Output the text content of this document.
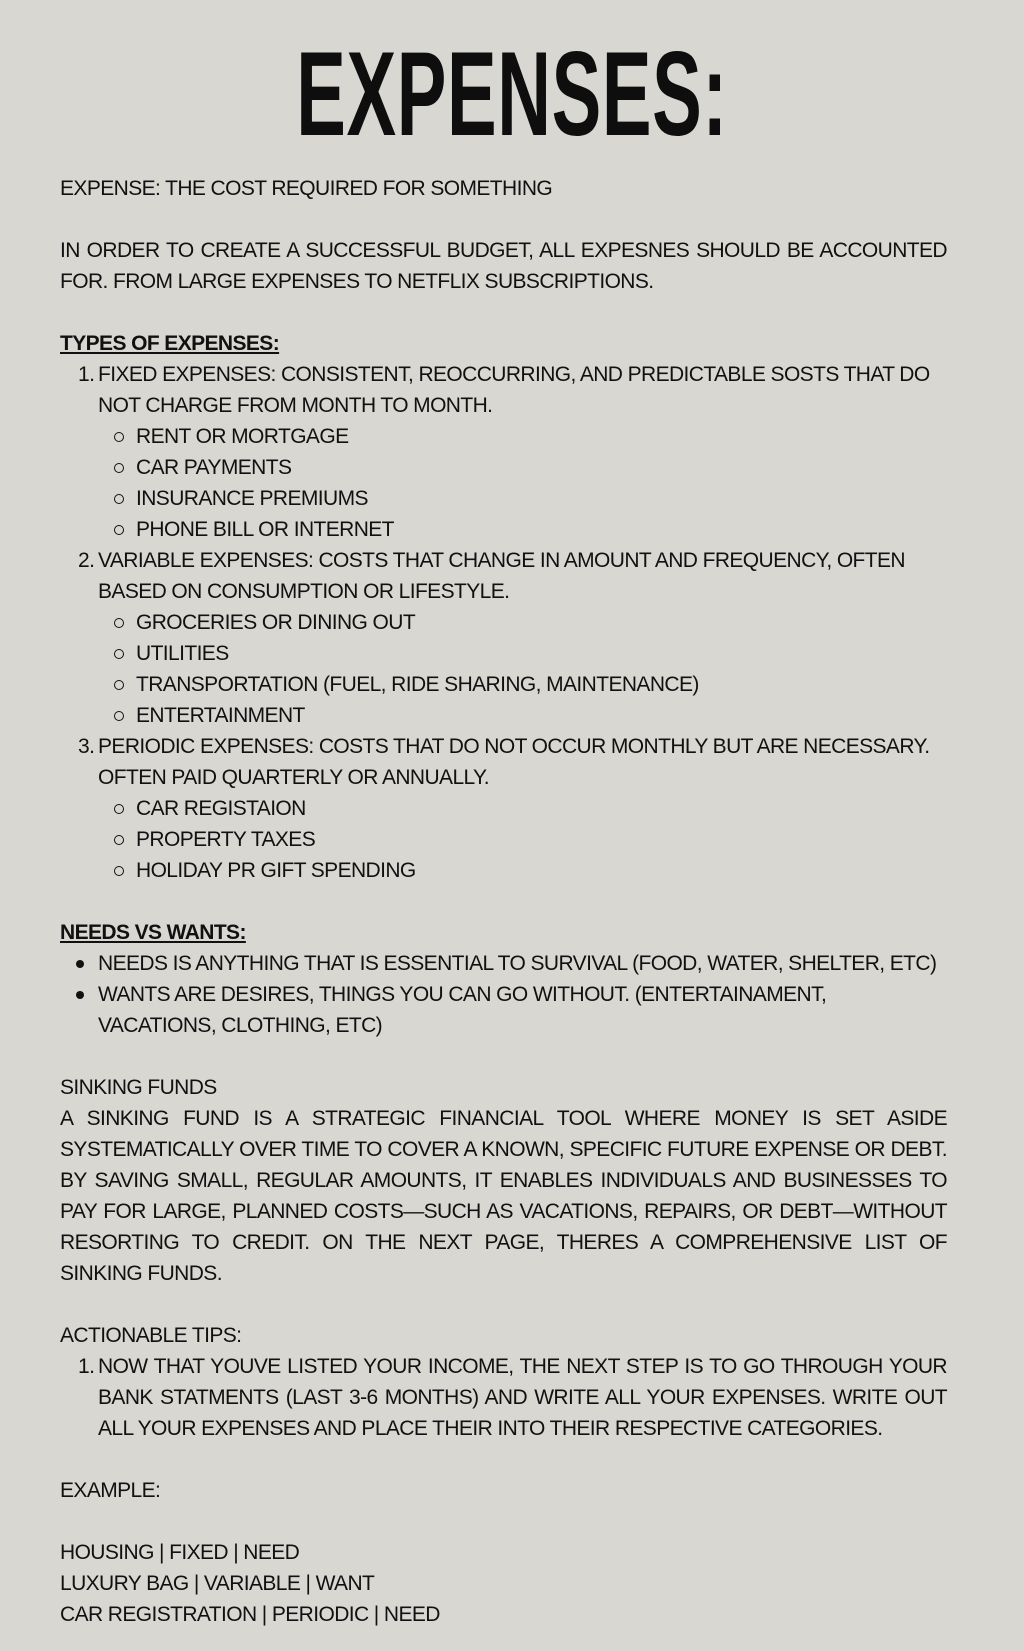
EXPENSES:

EXPENSE: THE COST REQUIRED FOR SOMETHING

IN ORDER TO CREATE A SUCCESSFUL BUDGET, ALL EXPESNES SHOULD BE ACCOUNTED FOR. FROM LARGE EXPENSES TO NETFLIX SUBSCRIPTIONS.

TYPES OF EXPENSES:

FIXED EXPENSES: CONSISTENT, REOCCURRING, AND PREDICTABLE SOSTS THAT DO NOT CHARGE FROM MONTH TO MONTH.
RENT OR MORTGAGE
CAR PAYMENTS
INSURANCE PREMIUMS
PHONE BILL OR INTERNET
VARIABLE EXPENSES: COSTS THAT CHANGE IN AMOUNT AND FREQUENCY, OFTEN BASED ON CONSUMPTION OR LIFESTYLE.
GROCERIES OR DINING OUT
UTILITIES
TRANSPORTATION (FUEL, RIDE SHARING, MAINTENANCE)
ENTERTAINMENT
PERIODIC EXPENSES: COSTS THAT DO NOT OCCUR MONTHLY BUT ARE NECESSARY. OFTEN PAID QUARTERLY OR ANNUALLY.
CAR REGISTAION
PROPERTY TAXES
HOLIDAY PR GIFT SPENDING

NEEDS VS WANTS:

NEEDS IS ANYTHING THAT IS ESSENTIAL TO SURVIVAL (FOOD, WATER, SHELTER, ETC)
WANTS ARE DESIRES, THINGS YOU CAN GO WITHOUT. (ENTERTAINAMENT, VACATIONS, CLOTHING, ETC)

SINKING FUNDS

A SINKING FUND IS A STRATEGIC FINANCIAL TOOL WHERE MONEY IS SET ASIDE SYSTEMATICALLY OVER TIME TO COVER A KNOWN, SPECIFIC FUTURE EXPENSE OR DEBT. BY SAVING SMALL, REGULAR AMOUNTS, IT ENABLES INDIVIDUALS AND BUSINESSES TO PAY FOR LARGE, PLANNED COSTS—SUCH AS VACATIONS, REPAIRS, OR DEBT—WITHOUT RESORTING TO CREDIT. ON THE NEXT PAGE, THERES A COMPREHENSIVE LIST OF SINKING FUNDS.

ACTIONABLE TIPS:

NOW THAT YOUVE LISTED YOUR INCOME, THE NEXT STEP IS TO GO THROUGH YOUR BANK STATMENTS (LAST 3-6 MONTHS) AND WRITE ALL YOUR EXPENSES. WRITE OUT ALL YOUR EXPENSES AND PLACE THEIR INTO THEIR RESPECTIVE CATEGORIES.

EXAMPLE:

HOUSING | FIXED | NEED

LUXURY BAG | VARIABLE | WANT

CAR REGISTRATION | PERIODIC | NEED
